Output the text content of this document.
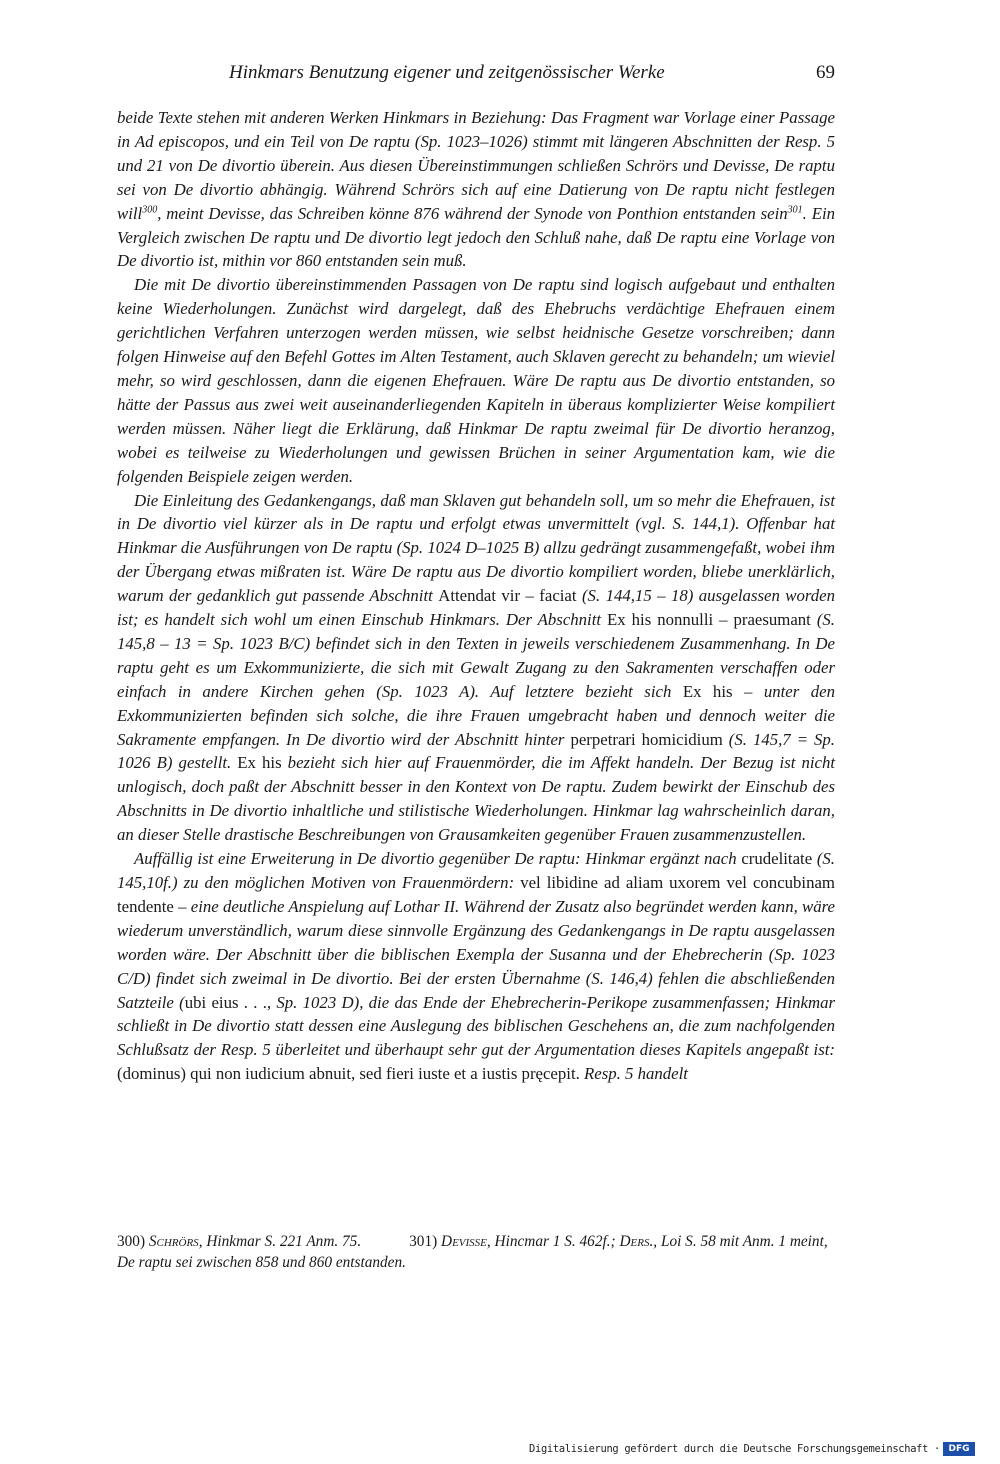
Hinkmars Benutzung eigener und zeitgenössischer Werke	69

beide Texte stehen mit anderen Werken Hinkmars in Beziehung: Das Fragment war Vorlage einer Passage in Ad episcopos, und ein Teil von De raptu (Sp. 1023–1026) stimmt mit längeren Abschnitten der Resp. 5 und 21 von De divortio überein. Aus diesen Übereinstimmungen schließen Schrörs und Devisse, De raptu sei von De divortio abhängig. Während Schrörs sich auf eine Datierung von De raptu nicht festlegen will$^{300}$, meint Devisse, das Schreiben könne 876 während der Synode von Ponthion entstanden sein$^{301}$. Ein Vergleich zwischen De raptu und De divortio legt jedoch den Schluß nahe, daß De raptu eine Vorlage von De divortio ist, mithin vor 860 entstanden sein muß.

Die mit De divortio übereinstimmenden Passagen von De raptu sind logisch aufgebaut und enthalten keine Wiederholungen. Zunächst wird dargelegt, daß des Ehebruchs verdächtige Ehefrauen einem gerichtlichen Verfahren unterzogen werden müssen, wie selbst heidnische Gesetze vorschreiben; dann folgen Hinweise auf den Befehl Gottes im Alten Testament, auch Sklaven gerecht zu behandeln; um wieviel mehr, so wird geschlossen, dann die eigenen Ehefrauen. Wäre De raptu aus De divortio entstanden, so hätte der Passus aus zwei weit auseinanderliegenden Kapiteln in überaus komplizierter Weise kompiliert werden müssen. Näher liegt die Erklärung, daß Hinkmar De raptu zweimal für De divortio heranzog, wobei es teilweise zu Wiederholungen und gewissen Brüchen in seiner Argumentation kam, wie die folgenden Beispiele zeigen werden.

Die Einleitung des Gedankengangs, daß man Sklaven gut behandeln soll, um so mehr die Ehefrauen, ist in De divortio viel kürzer als in De raptu und erfolgt etwas unvermittelt (vgl. S. 144,1). Offenbar hat Hinkmar die Ausführungen von De raptu (Sp. 1024 D–1025 B) allzu gedrängt zusammengefaßt, wobei ihm der Übergang etwas mißraten ist. Wäre De raptu aus De divortio kompiliert worden, bliebe unerklärlich, warum der gedanklich gut passende Abschnitt Attendat vir – faciat (S. 144,15 – 18) ausgelassen worden ist; es handelt sich wohl um einen Einschub Hinkmars. Der Abschnitt Ex his nonnulli – praesumant (S. 145,8 – 13 = Sp. 1023 B/C) befindet sich in den Texten in jeweils verschiedenem Zusammenhang. In De raptu geht es um Exkommunizierte, die sich mit Gewalt Zugang zu den Sakramenten verschaffen oder einfach in andere Kirchen gehen (Sp. 1023 A). Auf letztere bezieht sich Ex his – unter den Exkommunizierten befinden sich solche, die ihre Frauen umgebracht haben und dennoch weiter die Sakramente empfangen. In De divortio wird der Abschnitt hinter perpetrari homicidium (S. 145,7 = Sp. 1026 B) gestellt. Ex his bezieht sich hier auf Frauenmörder, die im Affekt handeln. Der Bezug ist nicht unlogisch, doch paßt der Abschnitt besser in den Kontext von De raptu. Zudem bewirkt der Einschub des Abschnitts in De divortio inhaltliche und stilistische Wiederholungen. Hinkmar lag wahrscheinlich daran, an dieser Stelle drastische Beschreibungen von Grausamkeiten gegenüber Frauen zusammenzustellen.

Auffällig ist eine Erweiterung in De divortio gegenüber De raptu: Hinkmar ergänzt nach crudelitate (S. 145,10f.) zu den möglichen Motiven von Frauenmördern: vel libidine ad aliam uxorem vel concubinam tendente – eine deutliche Anspielung auf Lothar II. Während der Zusatz also begründet werden kann, wäre wiederum unverständlich, warum diese sinnvolle Ergänzung des Gedankengangs in De raptu ausgelassen worden wäre. Der Abschnitt über die biblischen Exempla der Susanna und der Ehebrecherin (Sp. 1023 C/D) findet sich zweimal in De divortio. Bei der ersten Übernahme (S. 146,4) fehlen die abschließenden Satzteile (ubi eius . . ., Sp. 1023 D), die das Ende der Ehebrecherin-Perikope zusammenfassen; Hinkmar schließt in De divortio statt dessen eine Auslegung des biblischen Geschehens an, die zum nachfolgenden Schlußsatz der Resp. 5 überleitet und überhaupt sehr gut der Argumentation dieses Kapitels angepaßt ist: (dominus) qui non iudicium abnuit, sed fieri iuste et a iustis pręcepit. Resp. 5 handelt

300) Schrörs, Hinkmar S. 221 Anm. 75.	301) Devisse, Hincmar 1 S. 462f.; Ders., Loi S. 58 mit Anm. 1 meint, De raptu sei zwischen 858 und 860 entstanden.

Digitalisierung gefördert durch die Deutsche Forschungsgemeinschaft · DFG
